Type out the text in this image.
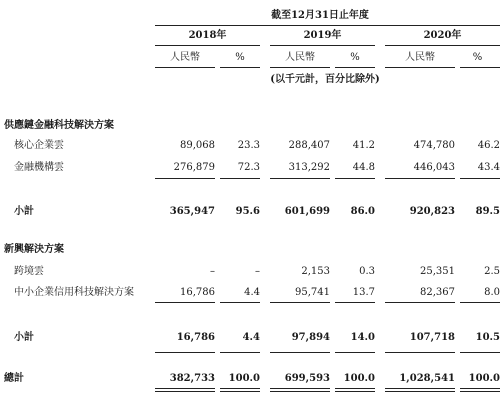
截至12月31日止年度
2018年	2019年	2020年
人民幣	%	人民幣	%	人民幣	%
(以千元計，百分比除外)
供應鏈金融科技解決方案
核心企業雲	89,068	23.3	288,407	41.2	474,780	46.2
金融機構雲	276,879	72.3	313,292	44.8	446,043	43.4
小計	365,947	95.6	601,699	86.0	920,823	89.5
新興解決方案
跨境雲	–	–	2,153	0.3	25,351	2.5
中小企業信用科技解決方案	16,786	4.4	95,741	13.7	82,367	8.0
小計	16,786	4.4	97,894	14.0	107,718	10.5
總計	382,733	100.0	699,593	100.0	1,028,541	100.0
